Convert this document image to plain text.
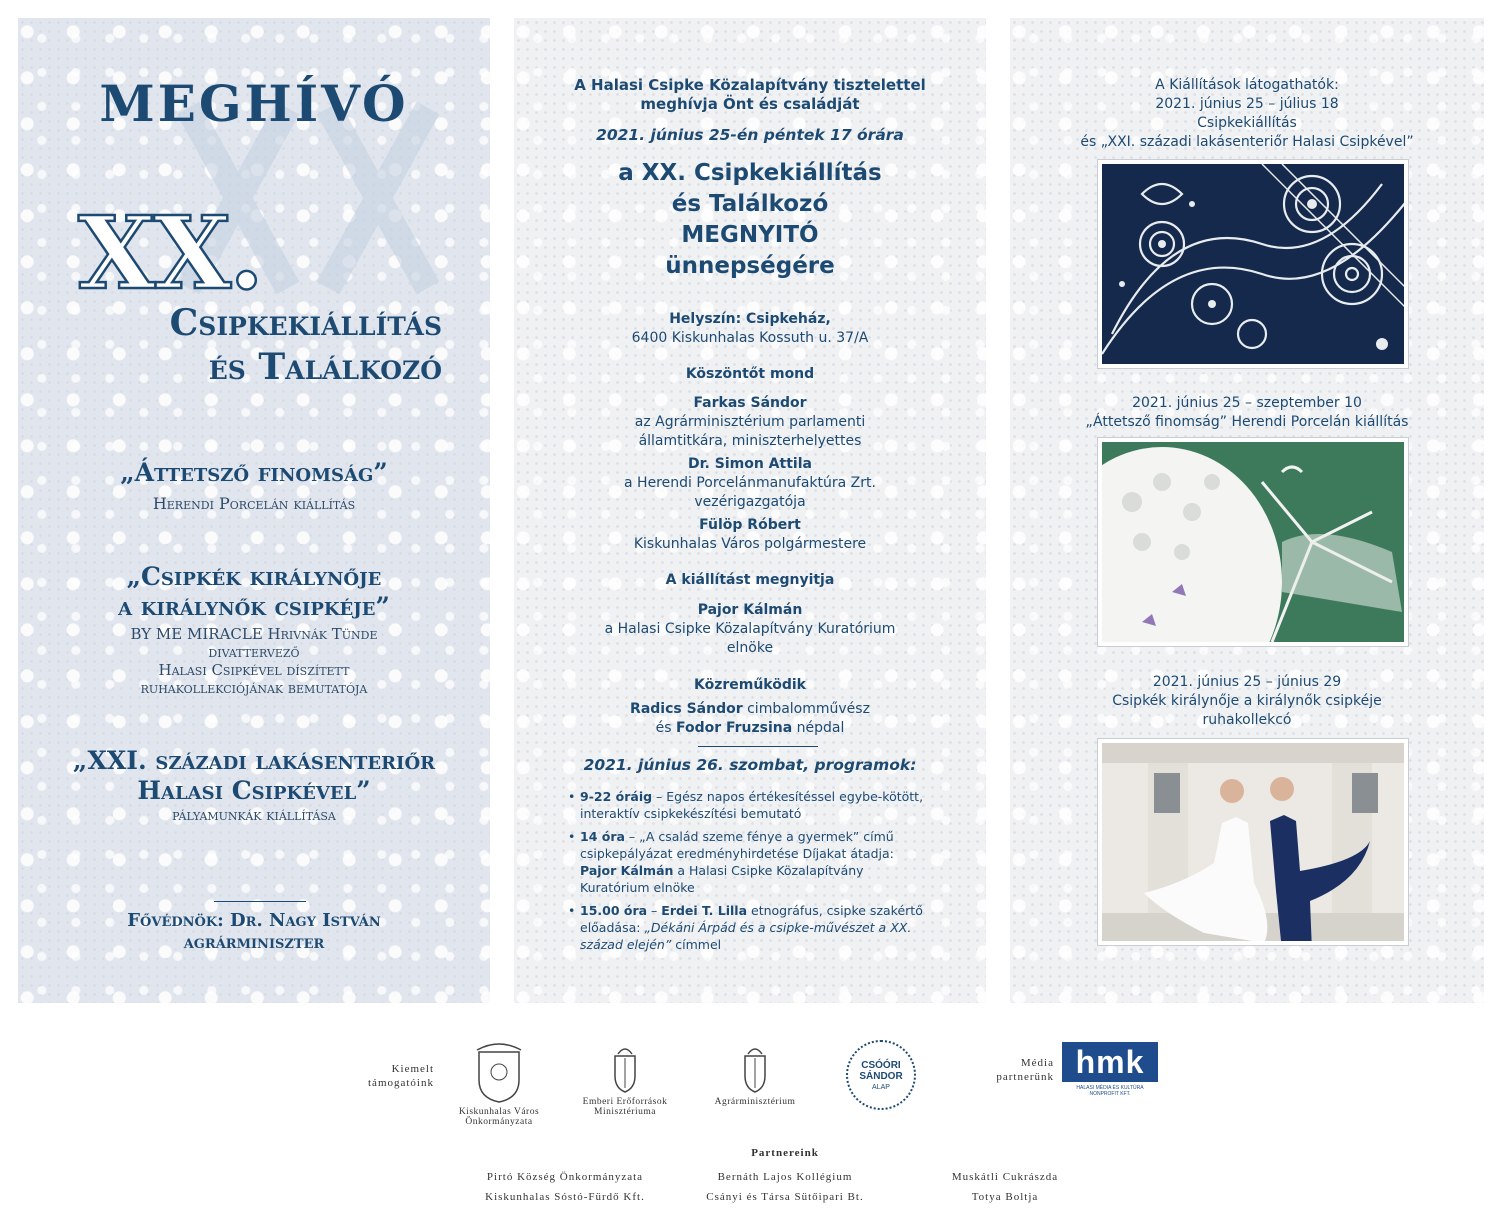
MEGHÍVÓ
XX.
Csipkekiállítás
és Találkozó
„Áttetsző finomság”
Herendi Porcelán kiállítás
„Csipkék királynője
a királynők csipkéje”
BY ME MIRACLE Hrivnák Tünde
divattervező
Halasi Csipkével díszített
ruhakollekciójának bemutatója
„XXI. századi lakásenteriőr
Halasi Csipkével”
pályamunkák kiállítása
Fővédnök: Dr. Nagy István
agrárminiszter
A Halasi Csipke Közalapítvány tisztelettel
meghívja Önt és családját
2021. június 25-én péntek 17 órára
a XX. Csipkekiállítás
és Találkozó
MEGNYITÓ
ünnepségére
Helyszín: Csipkeház,
6400 Kiskunhalas Kossuth u. 37/A
Köszöntőt mond
Farkas Sándor
az Agrárminisztérium parlamenti
államtitkára, miniszterhelyettes
Dr. Simon Attila
a Herendi Porcelánmanufaktúra Zrt.
vezérigazgatója
Fülöp Róbert
Kiskunhalas Város polgármestere
A kiállítást megnyitja
Pajor Kálmán
a Halasi Csipke Közalapítvány Kuratórium
elnöke
Közreműködik
Radics Sándor cimbalomművész
és Fodor Fruzsina népdal
2021. június 26. szombat, programok:
• 9-22 óráig – Egész napos értékesítéssel egybe-kötött, interaktív csipkekészítési bemutató
• 14 óra – „A család szeme fénye a gyermek” című csipkepályázat eredményhirdetése Díjakat átadja: Pajor Kálmán a Halasi Csipke Közalapítvány Kuratórium elnöke
• 15.00 óra – Erdei T. Lilla etnográfus, csipke szakértő előadása: „Dékáni Árpád és a csipke-művészet a XX. század elején” címmel
A Kiállítások látogathatók:
2021. június 25 – július 18
Csipkekiállítás
és „XXI. századi lakásenteriőr Halasi Csipkével”
2021. június 25 – szeptember 10
„Áttetsző finomság” Herendi Porcelán kiállítás
2021. június 25 – június 29
Csipkék királynője a királynők csipkéje
ruhakollekcó
Kiemelt
támogatóink
Kiskunhalas Város
Önkormányzata
Emberi Erőforrások
Minisztériuma
Agrárminisztérium
CSÓÓRI
SÁNDOR
ALAP
Média
partnerünk hmk
HALASI MÉDIA ÉS KULTÚRA NONPROFIT KFT.
Partnereink
Pirtó Község Önkormányzata	Bernáth Lajos Kollégium	Muskátli Cukrászda
Kiskunhalas Sóstó-Fürdő Kft.	Csányi és Társa Sütőipari Bt.	Totya Boltja
